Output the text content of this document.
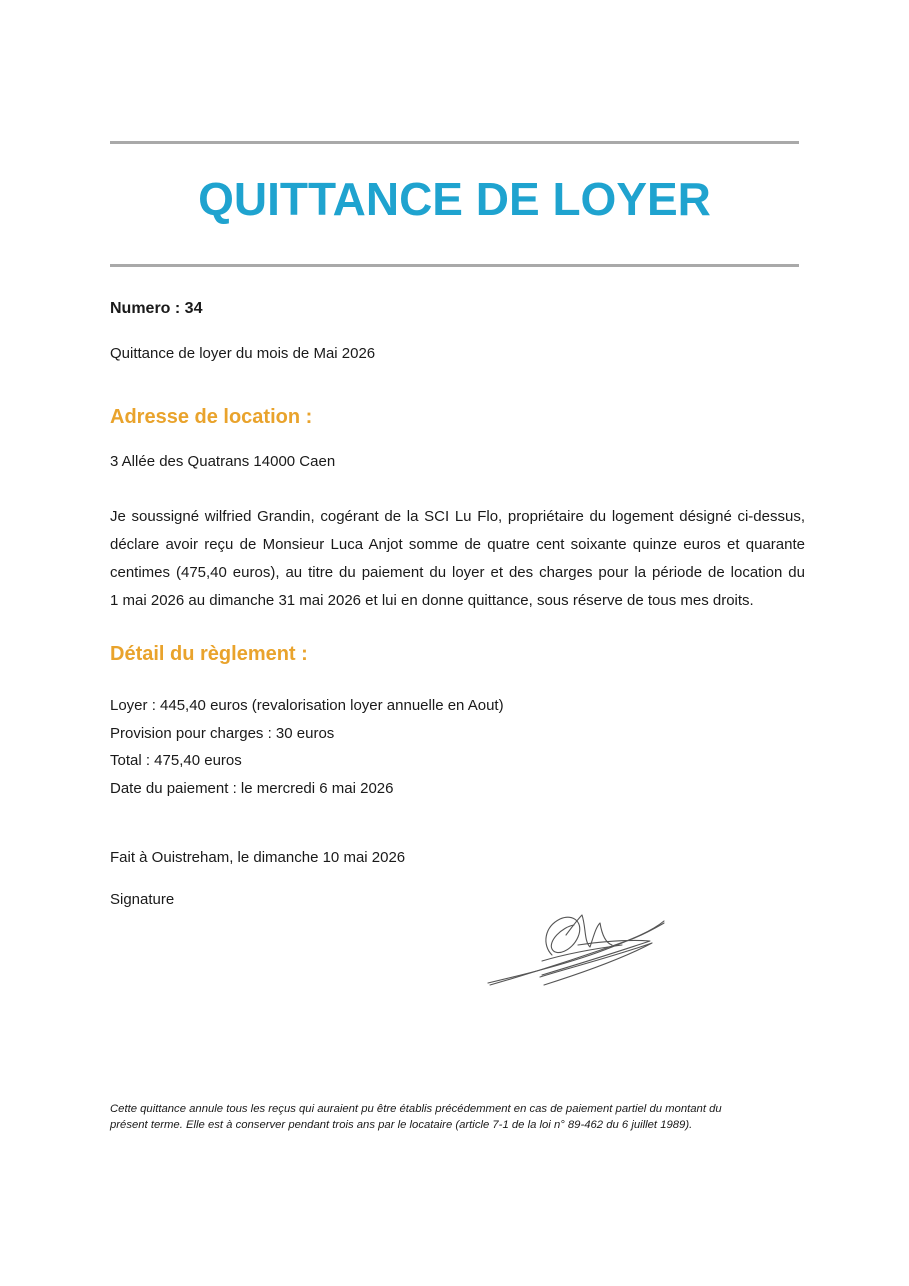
QUITTANCE DE LOYER
Numero : 34
Quittance de loyer du mois de Mai 2026
Adresse de location :
3 Allée des Quatrans 14000 Caen
Je soussigné wilfried Grandin, cogérant de la SCI Lu Flo, propriétaire du logement désigné ci-dessus,
déclare avoir reçu de Monsieur Luca Anjot somme de quatre cent soixante quinze euros et quarante
centimes (475,40 euros), au titre du paiement du loyer et des charges pour la période de location du
1 mai 2026 au dimanche 31 mai 2026 et lui en donne quittance, sous réserve de tous mes droits.
Détail du règlement :
Loyer : 445,40 euros (revalorisation loyer annuelle en Aout)
Provision pour charges : 30 euros
Total : 475,40 euros
Date du paiement : le mercredi 6 mai 2026
Fait à Ouistreham, le dimanche 10 mai 2026
Signature
Cette quittance annule tous les reçus qui auraient pu être établis précédemment en cas de paiement partiel du montant du
présent terme. Elle est à conserver pendant trois ans par le locataire (article 7-1 de la loi n° 89-462 du 6 juillet 1989).
